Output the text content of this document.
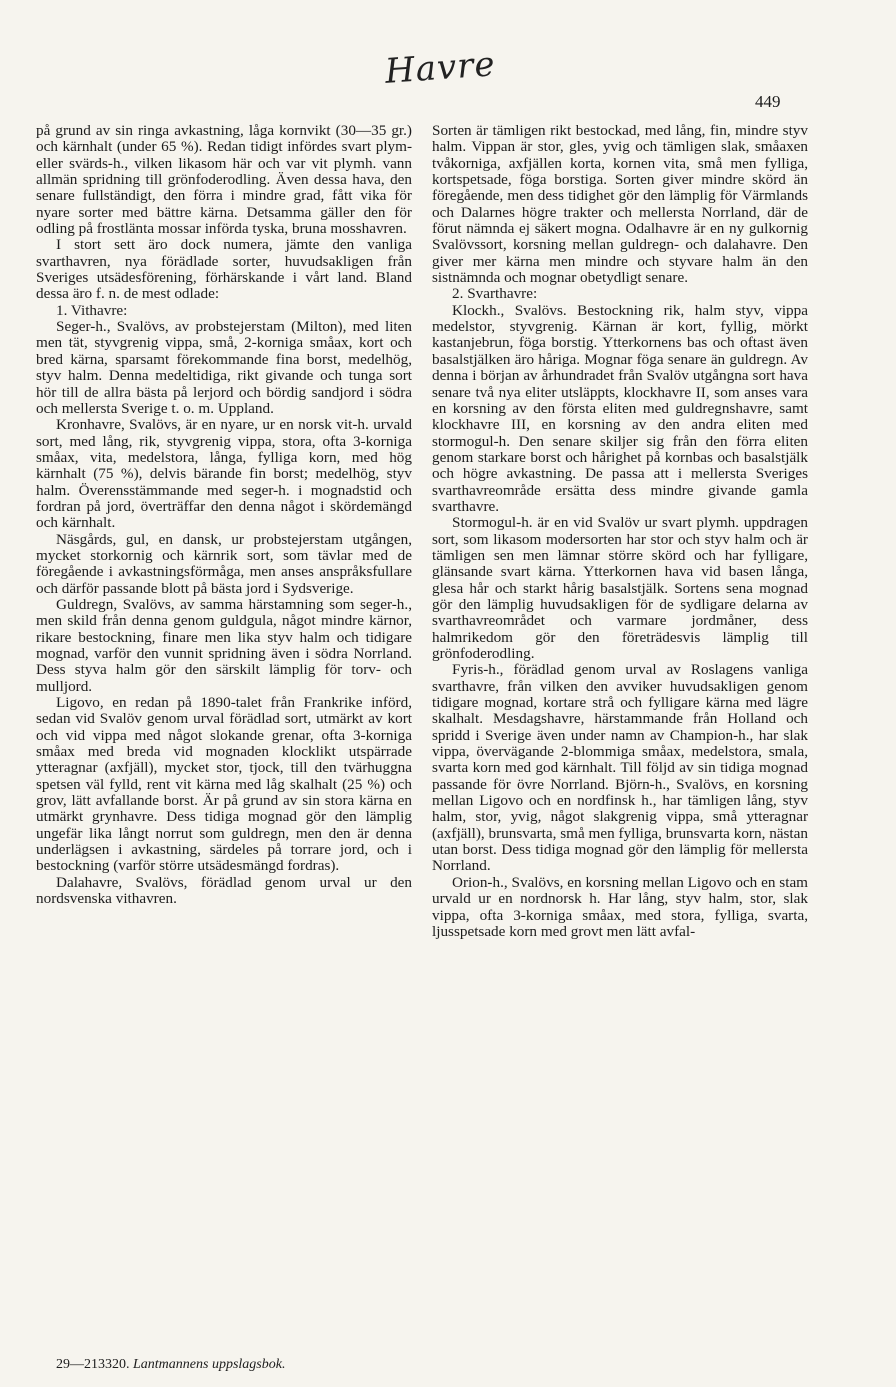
Havre
449

på grund av sin ringa avkastning, låga kornvikt (30—35 gr.) och kärnhalt (under 65 %). Redan tidigt infördes svart plym- eller svärds-h., vilken likasom här och var vit plymh. vann allmän spridning till grönfoderodling. Även dessa hava, den senare fullständigt, den förra i mindre grad, fått vika för nyare sorter med bättre kärna. Detsamma gäller den för odling på frostlänta mossar införda tyska, bruna mosshavren.

I stort sett äro dock numera, jämte den vanliga svarthavren, nya förädlade sorter, huvudsakligen från Sveriges utsädesförening, förhärskande i vårt land. Bland dessa äro f. n. de mest odlade:

1. Vithavre:

Seger-h., Svalövs, av probstejerstam (Milton), med liten men tät, styvgrenig vippa, små, 2-korniga småax, kort och bred kärna, sparsamt förekommande fina borst, medelhög, styv halm. Denna medeltidiga, rikt givande och tunga sort hör till de allra bästa på lerjord och bördig sandjord i södra och mellersta Sverige t. o. m. Uppland.

Kronhavre, Svalövs, är en nyare, ur en norsk vit-h. urvald sort, med lång, rik, styvgrenig vippa, stora, ofta 3-korniga småax, vita, medelstora, långa, fylliga korn, med hög kärnhalt (75 %), delvis bärande fin borst; medelhög, styv halm. Överensstämmande med seger-h. i mognadstid och fordran på jord, överträffar den denna något i skördemängd och kärnhalt.

Näsgårds, gul, en dansk, ur probstejerstam utgången, mycket storkornig och kärnrik sort, som tävlar med de föregående i avkastningsförmåga, men anses anspråksfullare och därför passande blott på bästa jord i Sydsverige.

Guldregn, Svalövs, av samma härstamning som seger-h., men skild från denna genom guldgula, något mindre kärnor, rikare bestockning, finare men lika styv halm och tidigare mognad, varför den vunnit spridning även i södra Norrland. Dess styva halm gör den särskilt lämplig för torv- och mulljord.

Ligovo, en redan på 1890-talet från Frankrike införd, sedan vid Svalöv genom urval förädlad sort, utmärkt av kort och vid vippa med något slokande grenar, ofta 3-korniga småax med breda vid mognaden klocklikt utspärrade ytteragnar (axfjäll), mycket stor, tjock, till den tvärhuggna spetsen väl fylld, rent vit kärna med låg skalhalt (25 %) och grov, lätt avfallande borst. Är på grund av sin stora kärna en utmärkt grynhavre. Dess tidiga mognad gör den lämplig ungefär lika långt norrut som guldregn, men den är denna underlägsen i avkastning, särdeles på torrare jord, och i bestockning (varför större utsädesmängd fordras).

Dalahavre, Svalövs, förädlad genom urval ur den nordsvenska vithavren.

Sorten är tämligen rikt bestockad, med lång, fin, mindre styv halm. Vippan är stor, gles, yvig och tämligen slak, småaxen tvåkorniga, axfjällen korta, kornen vita, små men fylliga, kortspetsade, föga borstiga. Sorten giver mindre skörd än föregående, men dess tidighet gör den lämplig för Värmlands och Dalarnes högre trakter och mellersta Norrland, där de förut nämnda ej säkert mogna. Odalhavre är en ny gulkornig Svalövssort, korsning mellan guldregn- och dalahavre. Den giver mer kärna men mindre och styvare halm än den sistnämnda och mognar obetydligt senare.

2. Svarthavre:

Klockh., Svalövs. Bestockning rik, halm styv, vippa medelstor, styvgrenig. Kärnan är kort, fyllig, mörkt kastanjebrun, föga borstig. Ytterkornens bas och oftast även basalstjälken äro håriga. Mognar föga senare än guldregn. Av denna i början av århundradet från Svalöv utgångna sort hava senare två nya eliter utsläppts, klockhavre II, som anses vara en korsning av den första eliten med guldregnshavre, samt klockhavre III, en korsning av den andra eliten med stormogul-h. Den senare skiljer sig från den förra eliten genom starkare borst och hårighet på kornbas och basalstjälk och högre avkastning. De passa att i mellersta Sveriges svarthavreområde ersätta dess mindre givande gamla svarthavre.

Stormogul-h. är en vid Svalöv ur svart plymh. uppdragen sort, som likasom modersorten har stor och styv halm och är tämligen sen men lämnar större skörd och har fylligare, glänsande svart kärna. Ytterkornen hava vid basen långa, glesa hår och starkt hårig basalstjälk. Sortens sena mognad gör den lämplig huvudsakligen för de sydligare delarna av svarthavreområdet och varmare jordmåner, dess halmrikedom gör den företrädesvis lämplig till grönfoderodling.

Fyris-h., förädlad genom urval av Roslagens vanliga svarthavre, från vilken den avviker huvudsakligen genom tidigare mognad, kortare strå och fylligare kärna med lägre skalhalt. Mesdagshavre, härstammande från Holland och spridd i Sverige även under namn av Champion-h., har slak vippa, övervägande 2-blommiga småax, medelstora, smala, svarta korn med god kärnhalt. Till följd av sin tidiga mognad passande för övre Norrland. Björn-h., Svalövs, en korsning mellan Ligovo och en nordfinsk h., har tämligen lång, styv halm, stor, yvig, något slakgrenig vippa, små ytteragnar (axfjäll), brunsvarta, små men fylliga, brunsvarta korn, nästan utan borst. Dess tidiga mognad gör den lämplig för mellersta Norrland.

Orion-h., Svalövs, en korsning mellan Ligovo och en stam urvald ur en nordnorsk h. Har lång, styv halm, stor, slak vippa, ofta 3-korniga småax, med stora, fylliga, svarta, ljusspetsade korn med grovt men lätt avfal-

29—213320. Lantmannens uppslagsbok.
